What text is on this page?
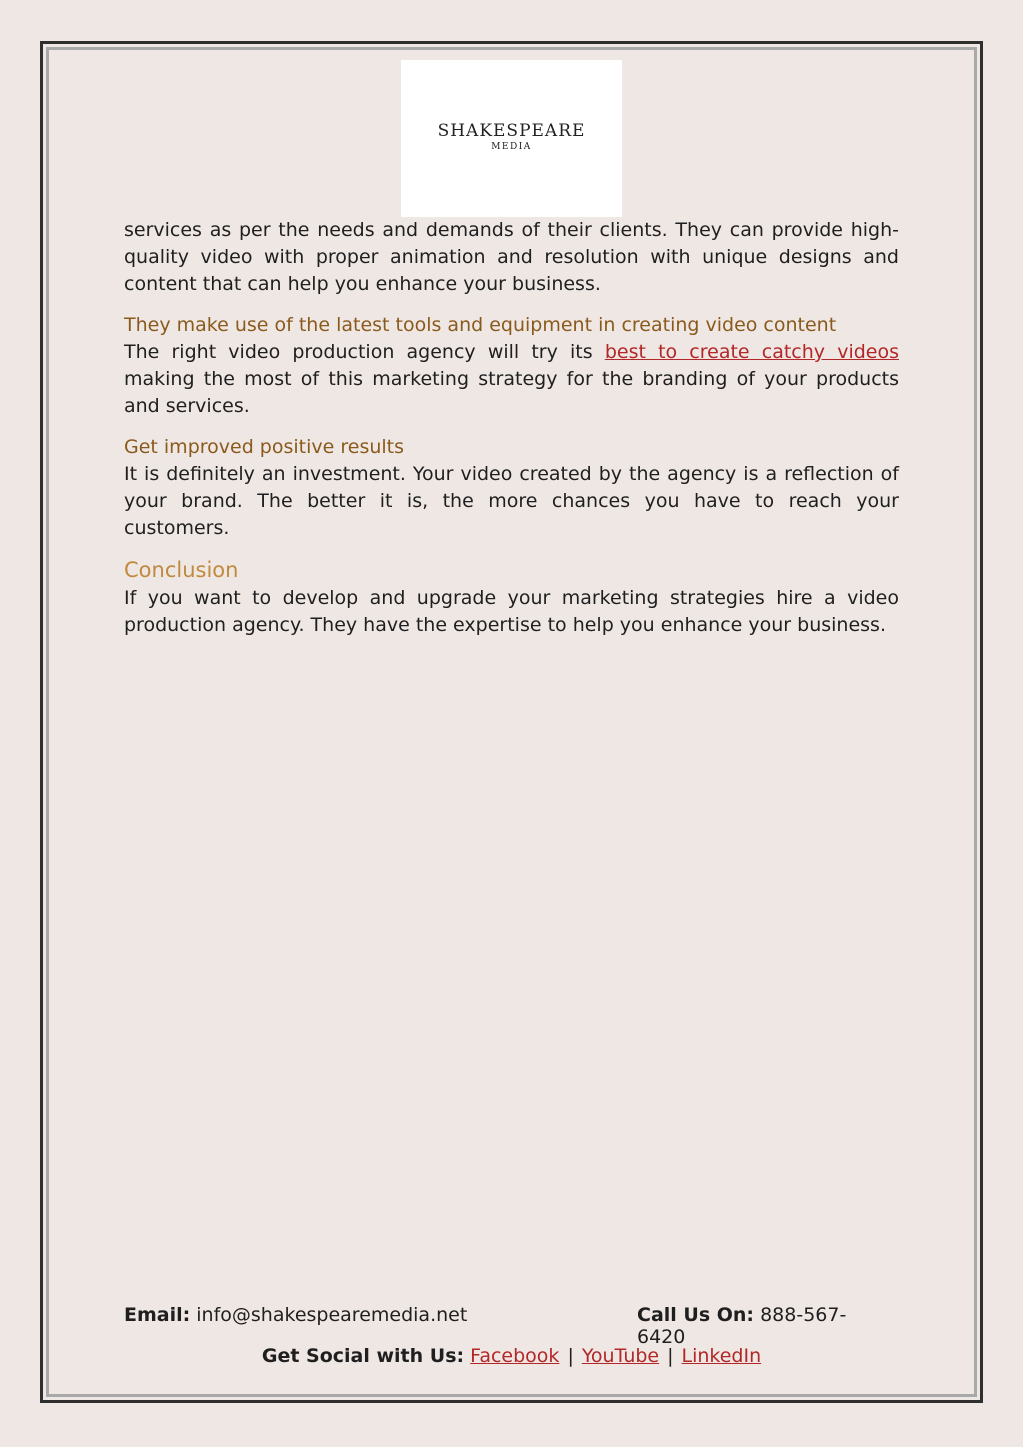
SHAKESPEARE
MEDIA

services as per the needs and demands of their clients. They can provide high-quality video with proper animation and resolution with unique designs and content that can help you enhance your business.

They make use of the latest tools and equipment in creating video content

The right video production agency will try its best to create catchy videos making the most of this marketing strategy for the branding of your products and services.

Get improved positive results

It is definitely an investment. Your video created by the agency is a reflection of your brand. The better it is, the more chances you have to reach your customers.

Conclusion

If you want to develop and upgrade your marketing strategies hire a video production agency. They have the expertise to help you enhance your business.

Email: info@shakespearemedia.net	Call Us On: 888-567-6420
Get Social with Us: Facebook | YouTube | LinkedIn
